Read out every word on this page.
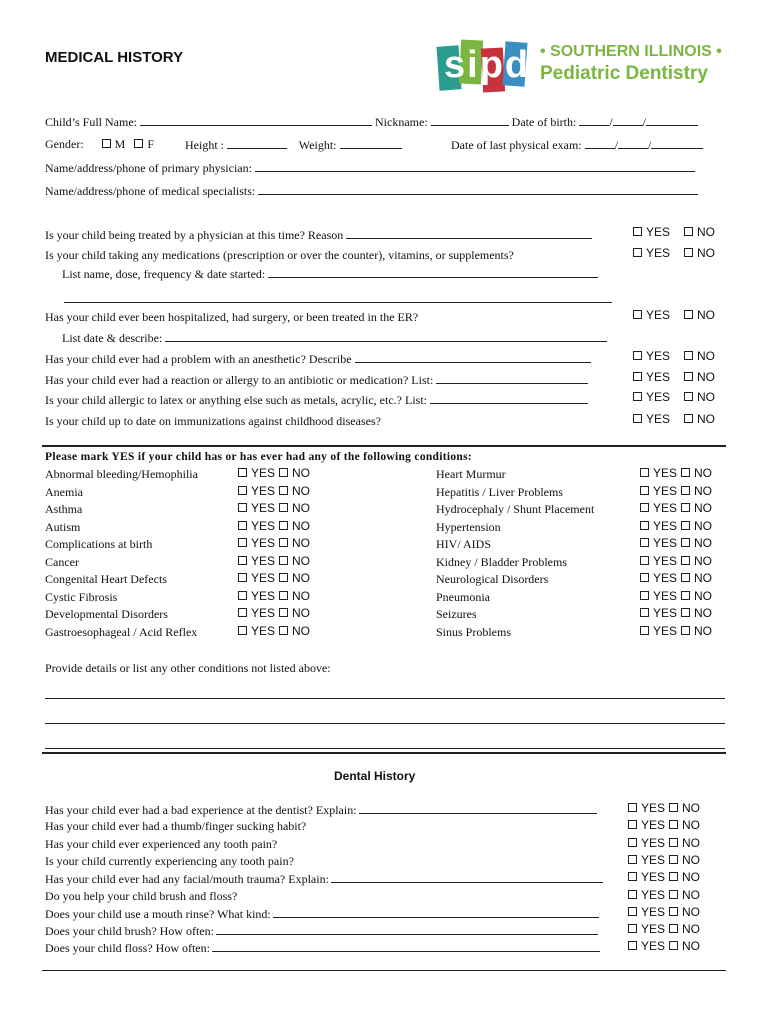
MEDICAL HISTORY	sipd • SOUTHERN ILLINOIS •
Pediatric Dentistry
Child’s Full Name:	Nickname:	Date of birth:	/	/
Gender:	M F	Height :	Weight:	Date of last physical exam:	/	/
Name/address/phone of primary physician:
Name/address/phone of medical specialists:
Is your child being treated by a physician at this time? Reason	YES	NO
Is your child taking any medications (prescription or over the counter), vitamins, or supplements?	YES	NO
List name, dose, frequency & date started:
Has your child ever been hospitalized, had surgery, or been treated in the ER?	YES	NO
List date & describe:
Has your child ever had a problem with an anesthetic? Describe	YES	NO
Has your child ever had a reaction or allergy to an antibiotic or medication? List:	YES	NO
Is your child allergic to latex or anything else such as metals, acrylic, etc.? List:	YES	NO
Is your child up to date on immunizations against childhood diseases?	YES	NO
Please mark YES if your child has or has ever had any of the following conditions:
Abnormal bleeding/Hemophilia	YES	NO
Anemia	YES	NO
Asthma	YES	NO
Autism	YES	NO
Complications at birth	YES	NO
Cancer	YES	NO
Congenital Heart Defects	YES	NO
Cystic Fibrosis	YES	NO
Developmental Disorders	YES	NO
Gastroesophageal / Acid Reflex	YES	NO
Heart Murmur	YES	NO
Hepatitis / Liver Problems	YES	NO
Hydrocephaly / Shunt Placement	YES	NO
Hypertension	YES	NO
HIV/ AIDS	YES	NO
Kidney / Bladder Problems	YES	NO
Neurological Disorders	YES	NO
Pneumonia	YES	NO
Seizures	YES	NO
Sinus Problems	YES	NO
Provide details or list any other conditions not listed above:
Dental History
Has your child ever had a bad experience at the dentist? Explain:	YES	NO
Has your child ever had a thumb/finger sucking habit?	YES	NO
Has your child ever experienced any tooth pain?	YES	NO
Is your child currently experiencing any tooth pain?	YES	NO
Has your child ever had any facial/mouth trauma? Explain:	YES	NO
Do you help your child brush and floss?	YES	NO
Does your child use a mouth rinse? What kind:	YES	NO
Does your child brush? How often:	YES	NO
Does your child floss? How often:	YES	NO
